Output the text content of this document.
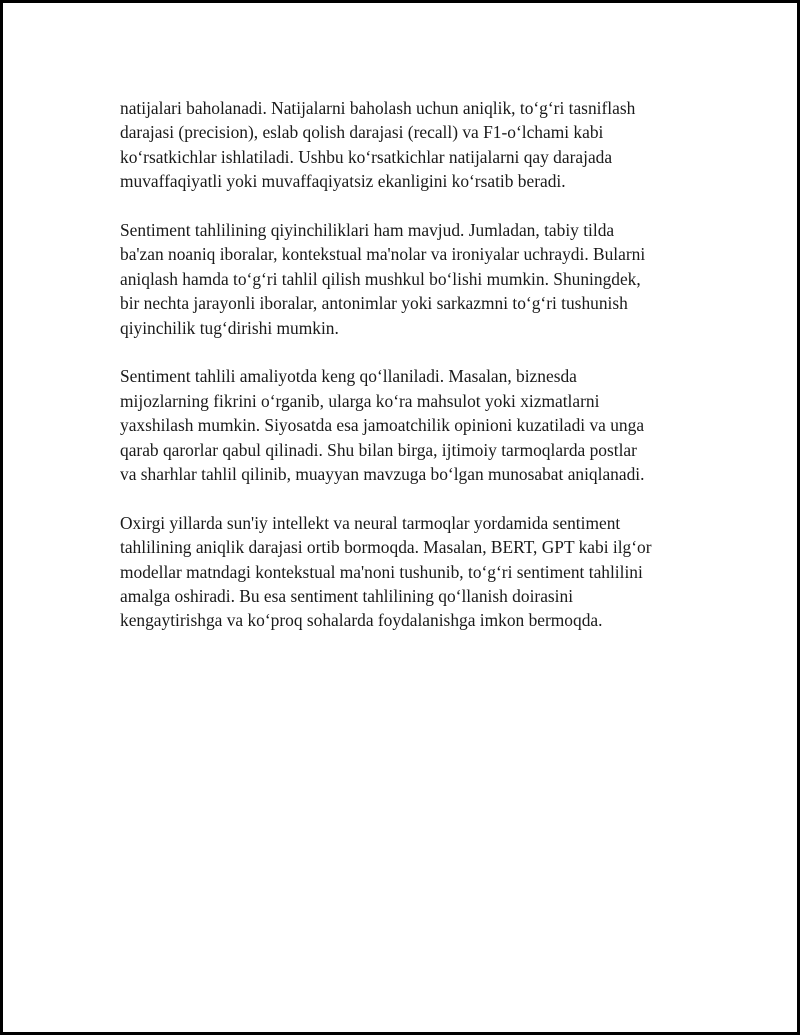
natijalari baholanadi. Natijalarni baholash uchun aniqlik, to‘g‘ri tasniflash
darajasi (precision), eslab qolish darajasi (recall) va F1-o‘lchami kabi
ko‘rsatkichlar ishlatiladi. Ushbu ko‘rsatkichlar natijalarni qay darajada
muvaffaqiyatli yoki muvaffaqiyatsiz ekanligini ko‘rsatib beradi.

Sentiment tahlilining qiyinchiliklari ham mavjud. Jumladan, tabiy tilda
ba'zan noaniq iboralar, kontekstual ma'nolar va ironiyalar uchraydi. Bularni
aniqlash hamda to‘g‘ri tahlil qilish mushkul bo‘lishi mumkin. Shuningdek,
bir nechta jarayonli iboralar, antonimlar yoki sarkazmni to‘g‘ri tushunish
qiyinchilik tug‘dirishi mumkin.

Sentiment tahlili amaliyotda keng qo‘llaniladi. Masalan, biznesda
mijozlarning fikrini o‘rganib, ularga ko‘ra mahsulot yoki xizmatlarni
yaxshilash mumkin. Siyosatda esa jamoatchilik opinioni kuzatiladi va unga
qarab qarorlar qabul qilinadi. Shu bilan birga, ijtimoiy tarmoqlarda postlar
va sharhlar tahlil qilinib, muayyan mavzuga bo‘lgan munosabat aniqlanadi.

Oxirgi yillarda sun'iy intellekt va neural tarmoqlar yordamida sentiment
tahlilining aniqlik darajasi ortib bormoqda. Masalan, BERT, GPT kabi ilg‘or
modellar matndagi kontekstual ma'noni tushunib, to‘g‘ri sentiment tahlilini
amalga oshiradi. Bu esa sentiment tahlilining qo‘llanish doirasini
kengaytirishga va ko‘proq sohalarda foydalanishga imkon bermoqda.
